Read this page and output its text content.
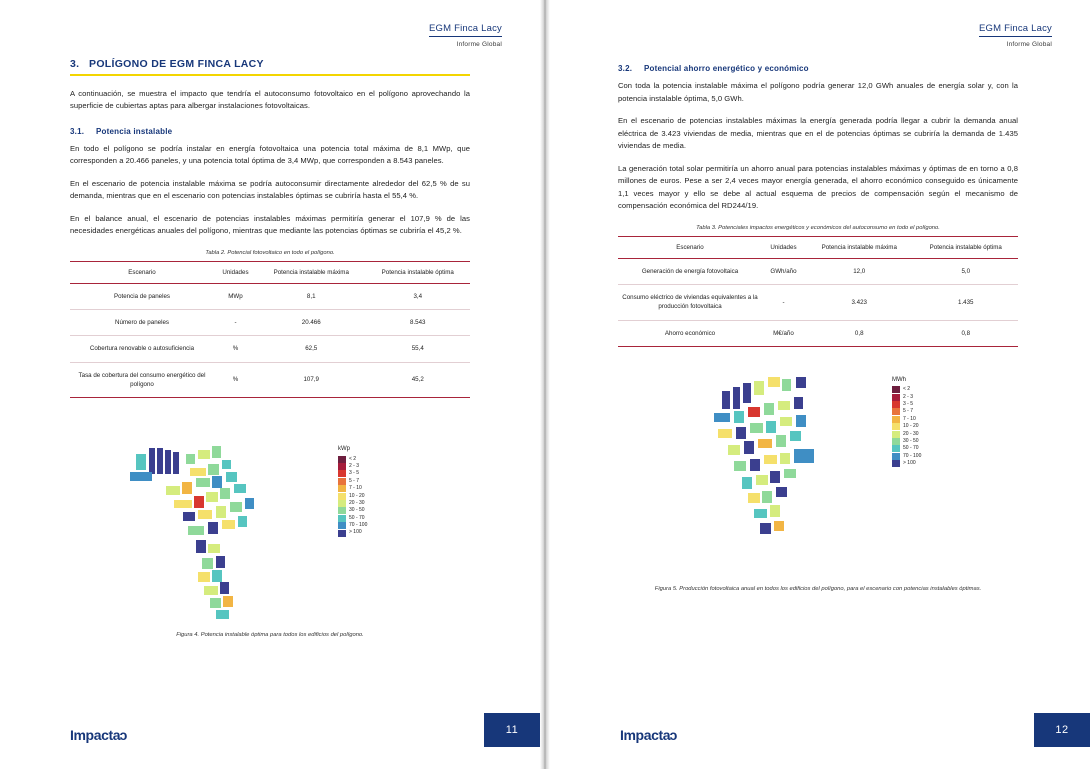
EGM Finca Lacy
Informe Global
3. POLÍGONO DE EGM FINCA LACY

A continuación, se muestra el impacto que tendría el autoconsumo fotovoltaico en el polígono aprovechando la superficie de cubiertas aptas para albergar instalaciones fotovoltaicas.

3.1. Potencia instalable

En todo el polígono se podría instalar en energía fotovoltaica una potencia total máxima de 8,1 MWp, que corresponden a 20.466 paneles, y una potencia total óptima de 3,4 MWp, que corresponden a 8.543 paneles.

En el escenario de potencia instalable máxima se podría autoconsumir directamente alrededor del 62,5 % de su demanda, mientras que en el escenario con potencias instalables óptimas se cubriría hasta el 55,4 %.

En el balance anual, el escenario de potencias instalables máximas permitiría generar el 107,9 % de las necesidades energéticas anuales del polígono, mientras que mediante las potencias óptimas se cubriría el 45,2 %.

Tabla 2. Potencial fotovoltaico en todo el polígono.
Escenario	Unidades	Potencia instalable máxima	Potencia instalable óptima
Potencia de paneles	MWp	8,1	3,4
Número de paneles	-	20.466	8.543
Cobertura renovable o autosuficiencia	%	62,5	55,4
Tasa de cobertura del consumo energético del polígono	%	107,9	45,2
kWp
< 2
2 - 3
3 - 5
5 - 7
7 - 10
10 - 20
20 - 30
30 - 50
50 - 70
70 - 100
> 100
Figura 4. Potencia instalable óptima para todos los edificios del polígono.
Impactac	11
EGM Finca Lacy
Informe Global
3.2. Potencial ahorro energético y económico

Con toda la potencia instalable máxima el polígono podría generar 12,0 GWh anuales de energía solar y, con la potencia instalable óptima, 5,0 GWh.

En el escenario de potencias instalables máximas la energía generada podría llegar a cubrir la demanda anual eléctrica de 3.423 viviendas de media, mientras que en el de potencias óptimas se cubriría la demanda de 1.435 viviendas de media.

La generación total solar permitiría un ahorro anual para potencias instalables máximas y óptimas de en torno a 0,8 millones de euros. Pese a ser 2,4 veces mayor energía generada, el ahorro económico conseguido es únicamente 1,1 veces mayor y ello se debe al actual esquema de precios de compensación según el mecanismo de compensación económica del RD244/19.

Tabla 3. Potenciales impactos energéticos y económicos del autoconsumo en todo el polígono.
Escenario	Unidades	Potencia instalable máxima	Potencia instalable óptima
Generación de energía fotovoltaica	GWh/año	12,0	5,0
Consumo eléctrico de viviendas equivalentes a la producción fotovoltaica	-	3.423	1.435
Ahorro económico	M€/año	0,8	0,8
MWh
< 2
2 - 3
3 - 5
5 - 7
7 - 10
10 - 20
20 - 30
30 - 50
50 - 70
70 - 100
> 100
Figura 5. Producción fotovoltaica anual en todos los edificios del polígono, para el escenario con potencias instalables óptimas.
Impactac	12
